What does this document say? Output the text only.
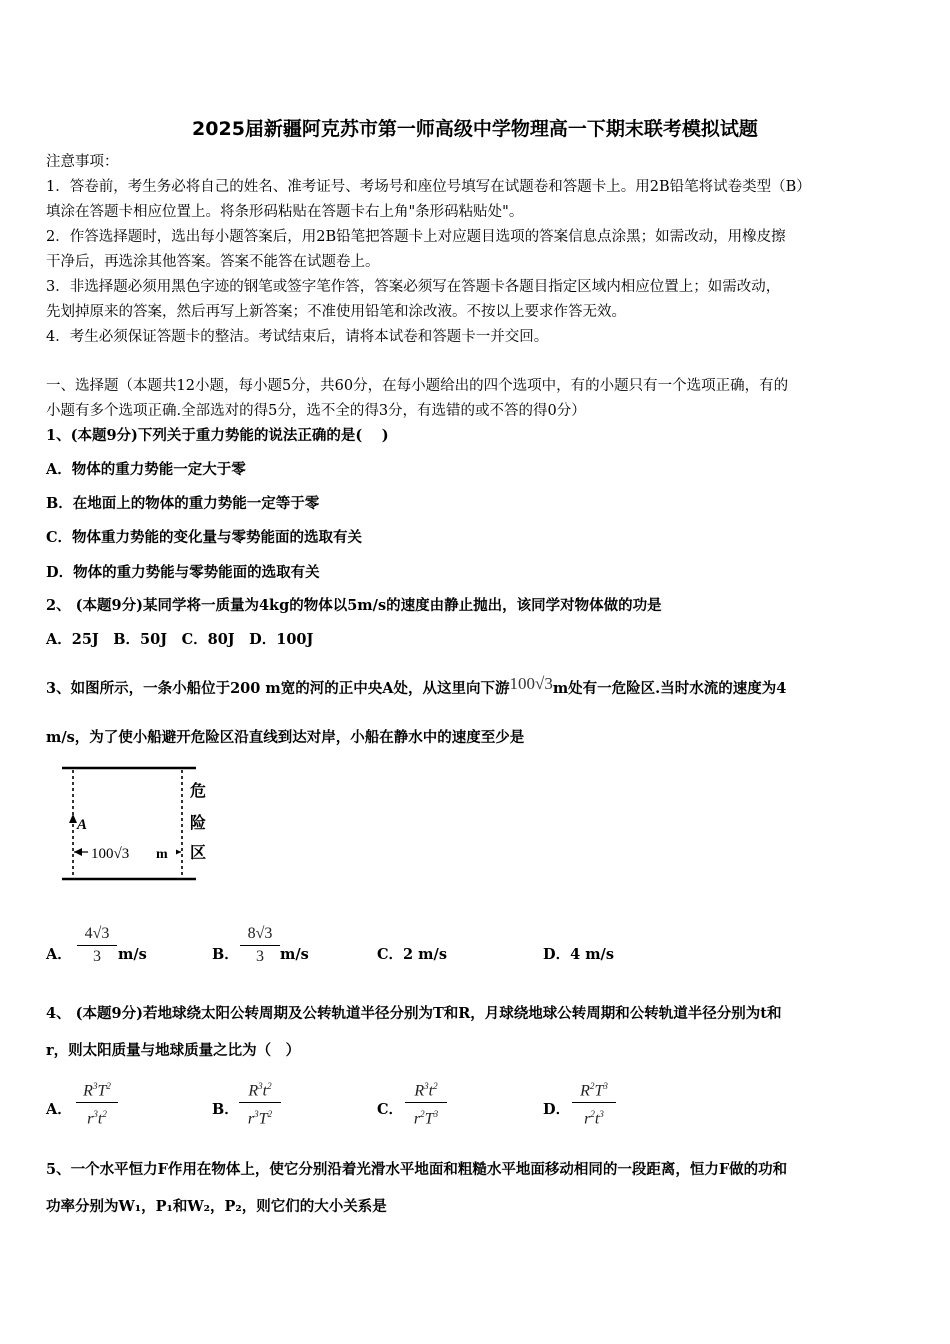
2025届新疆阿克苏市第一师高级中学物理高一下期末联考模拟试题
注意事项：
1．答卷前，考生务必将自己的姓名、准考证号、考场号和座位号填写在试题卷和答题卡上。用2B铅笔将试卷类型（B）
填涂在答题卡相应位置上。将条形码粘贴在答题卡右上角"条形码粘贴处"。
2．作答选择题时，选出每小题答案后，用2B铅笔把答题卡上对应题目选项的答案信息点涂黑；如需改动，用橡皮擦
干净后，再选涂其他答案。答案不能答在试题卷上。
3．非选择题必须用黑色字迹的钢笔或签字笔作答，答案必须写在答题卡各题目指定区域内相应位置上；如需改动，
先划掉原来的答案，然后再写上新答案；不准使用铅笔和涂改液。不按以上要求作答无效。
4．考生必须保证答题卡的整洁。考试结束后，请将本试卷和答题卡一并交回。
一、选择题（本题共12小题，每小题5分，共60分，在每小题给出的四个选项中，有的小题只有一个选项正确，有的
小题有多个选项正确.全部选对的得5分，选不全的得3分，有选错的或不答的得0分）
1、(本题9分)下列关于重力势能的说法正确的是(　 )
A．物体的重力势能一定大于零
B．在地面上的物体的重力势能一定等于零
C．物体重力势能的变化量与零势能面的选取有关
D．物体的重力势能与零势能面的选取有关
2、 (本题9分)某同学将一质量为4kg的物体以5m/s的速度由静止抛出，该同学对物体做的功是
A．25J　B．50J　C．80J　D．100J
3、如图所示，一条小船位于200 m宽的河的正中央A处，从这里向下游100√3m处有一危险区.当时水流的速度为4
m/s，为了使小船避开危险区沿直线到达对岸，小船在静水中的速度至少是
A
100√3 m
危
险
区
A．
4√3
3	m/s	B．
8√3
3	m/s	C．2 m/s	D．4 m/s
4、 (本题9分)若地球绕太阳公转周期及公转轨道半径分别为T和R，月球绕地球公转周期和公转轨道半径分别为t和
r，则太阳质量与地球质量之比为（　）
A．
$R^3T^2$
$r^3t^2$	B．
$R^3t^2$
$r^3T^2$	C．
$R^3t^2$
$r^2T^3$	D．
$R^2T^3$
$r^2t^3$
5、一个水平恒力F作用在物体上，使它分别沿着光滑水平地面和粗糙水平地面移动相同的一段距离，恒力F做的功和
功率分别为W₁，P₁和W₂，P₂，则它们的大小关系是
